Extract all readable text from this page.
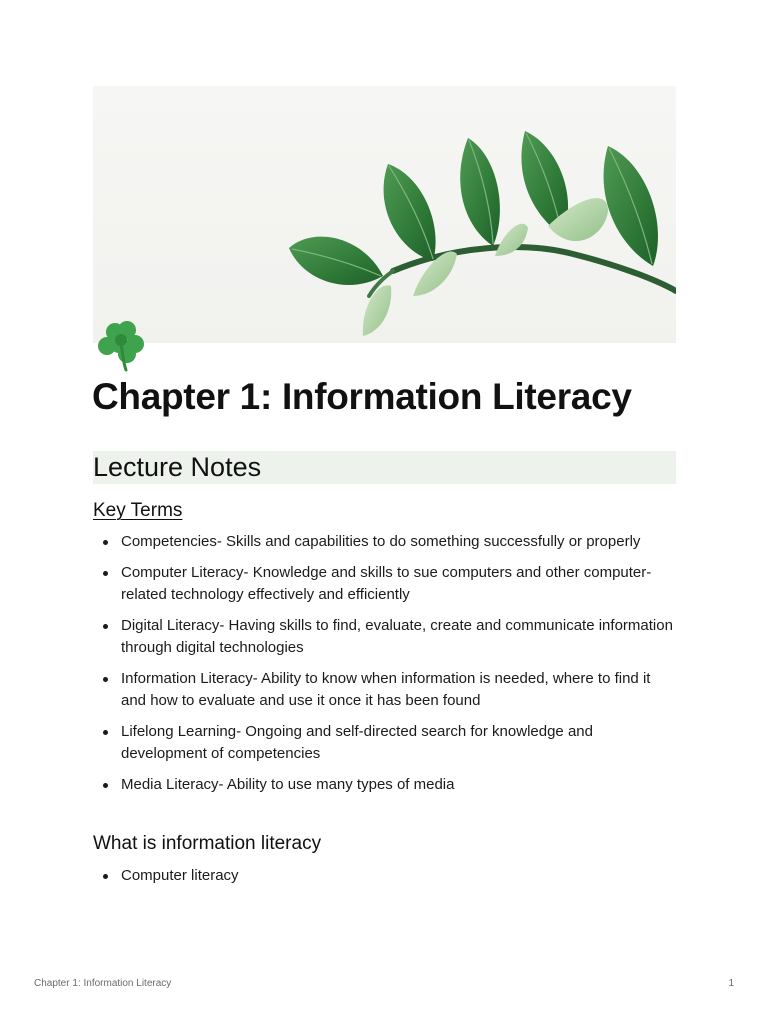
Chapter 1: Information Literacy
Lecture Notes
Key Terms
Competencies- Skills and capabilities to do something successfully or properly
Computer Literacy- Knowledge and skills to sue computers and other computer-related technology effectively and efficiently
Digital Literacy- Having skills to find, evaluate, create and communicate information through digital technologies
Information Literacy- Ability to know when information is needed, where to find it and how to evaluate and use it once it has been found
Lifelong Learning- Ongoing and self-directed search for knowledge and development of competencies
Media Literacy- Ability to use many types of media
What is information literacy
Computer literacy
Chapter 1: Information Literacy	1
